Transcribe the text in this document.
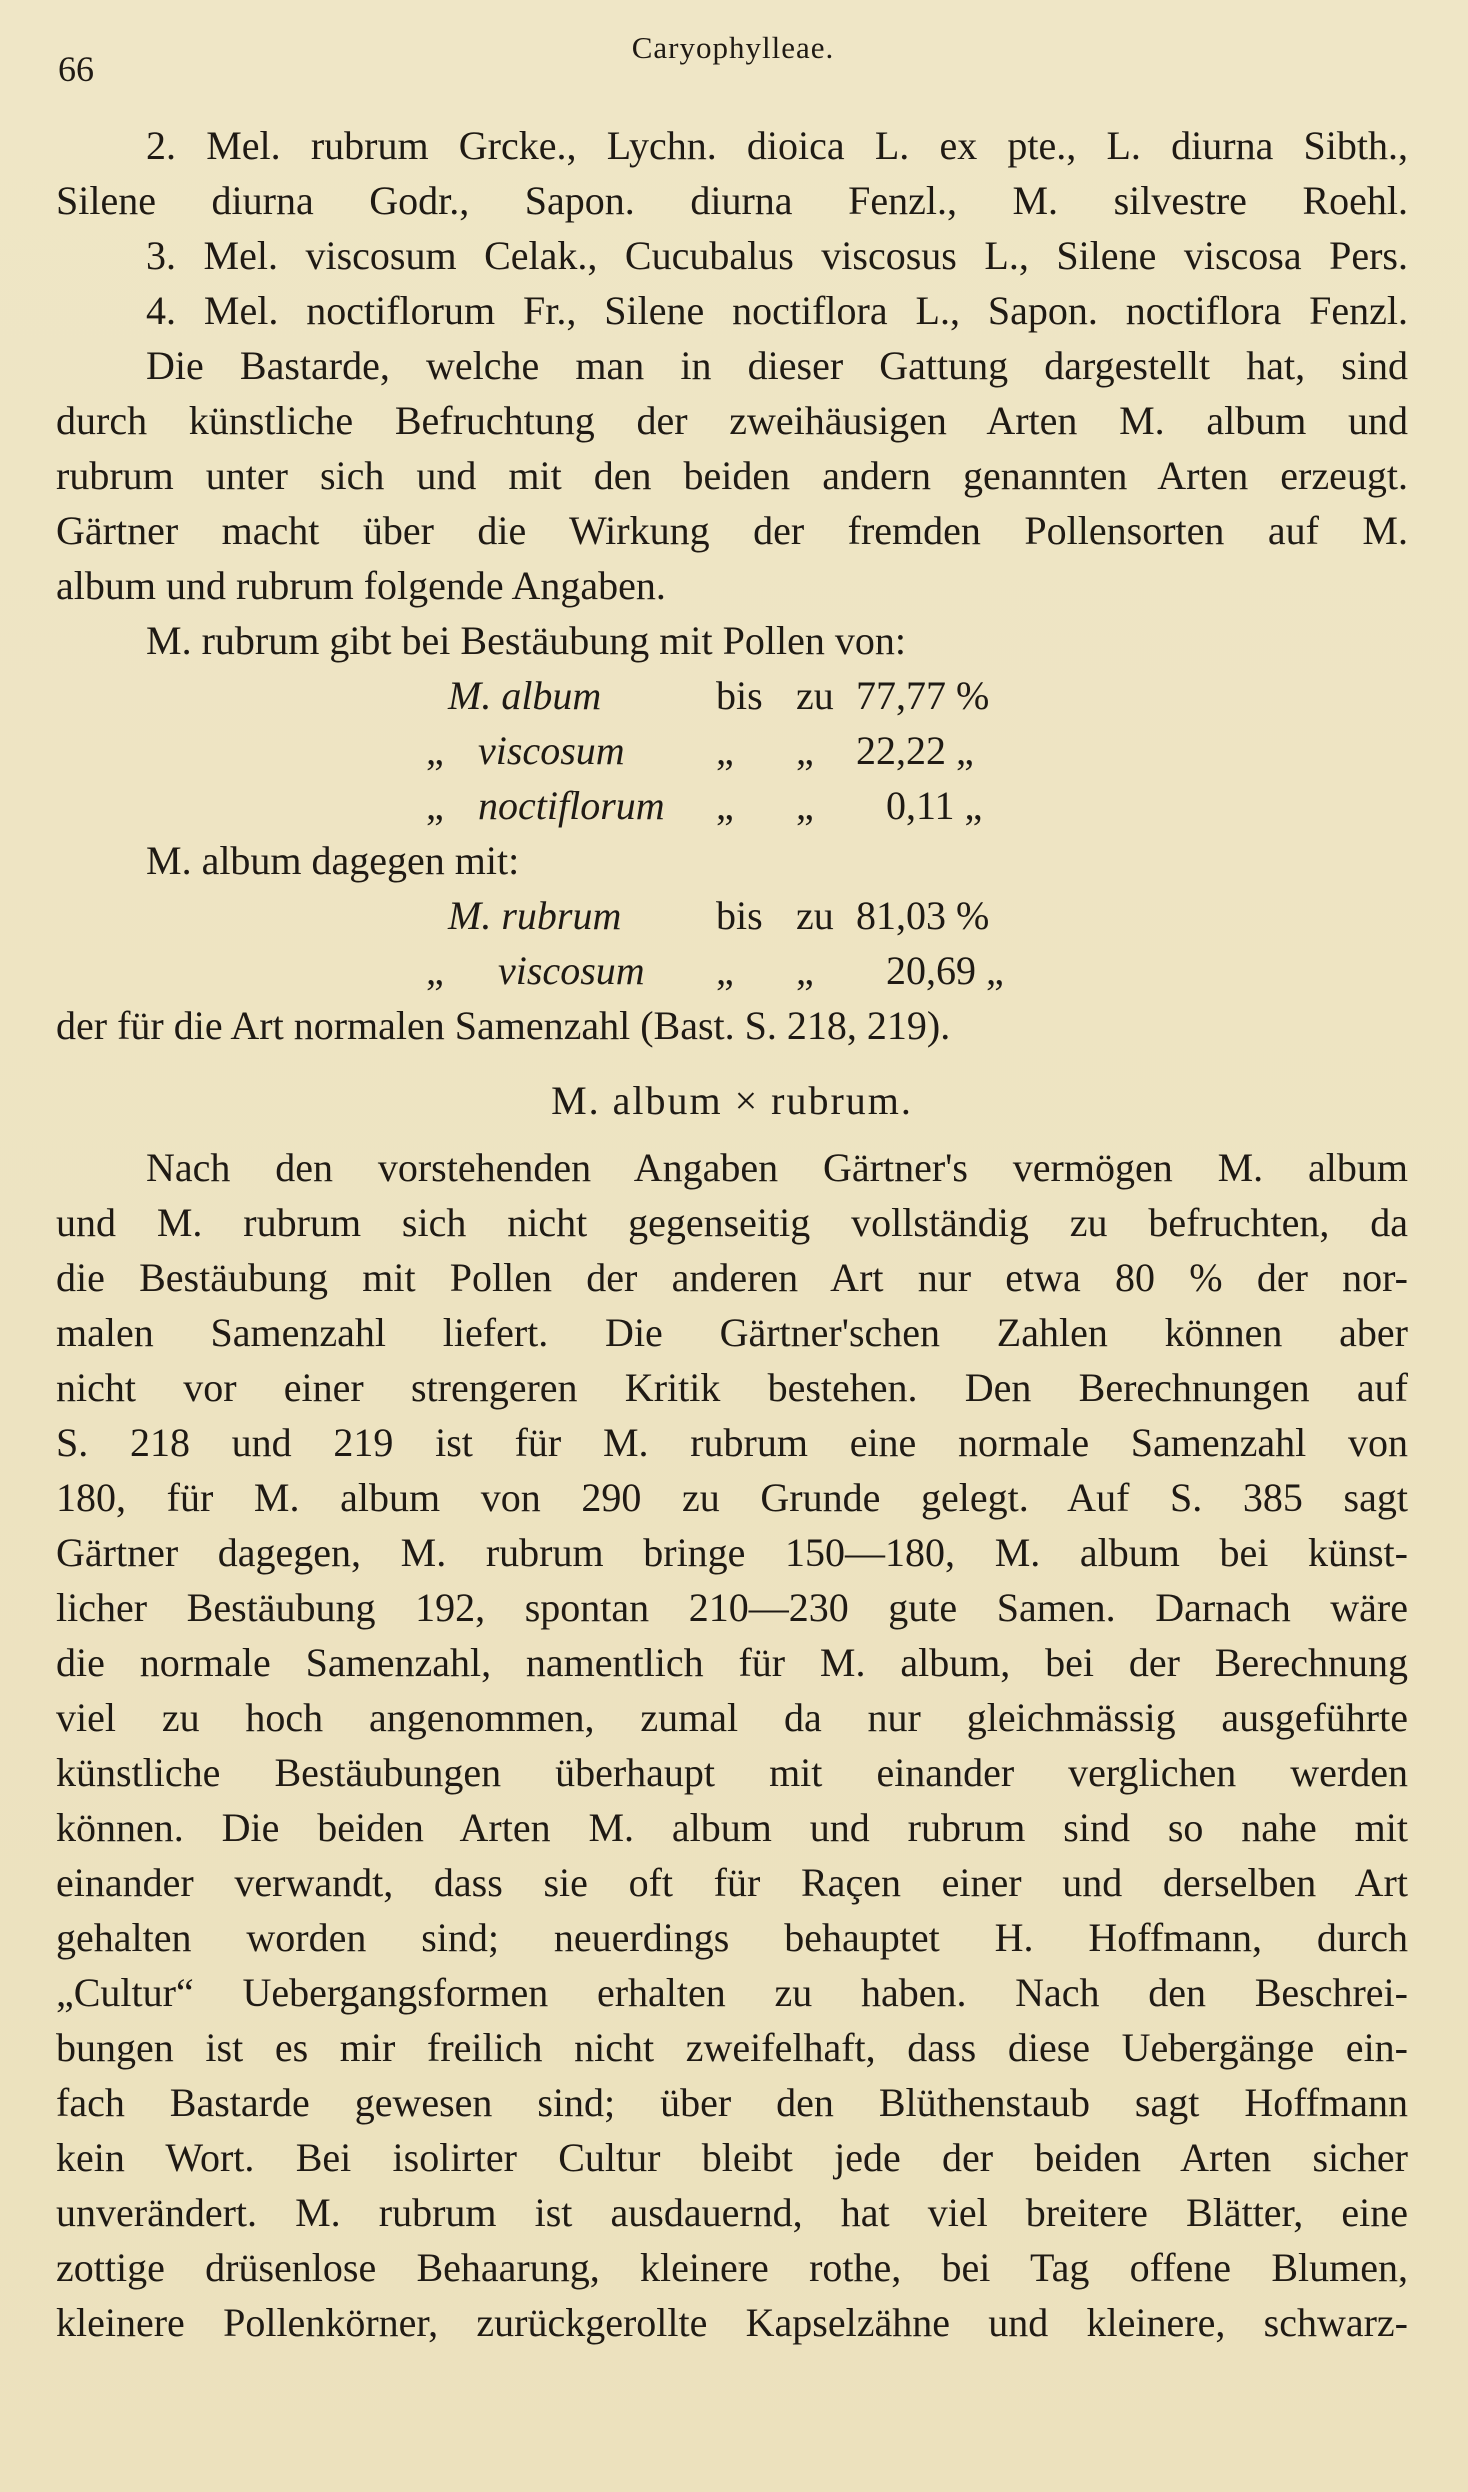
66
Caryophylleae.
2. Mel. rubrum Grcke., Lychn. dioica L. ex pte., L. diurna Sibth.,
Silene diurna Godr., Sapon. diurna Fenzl., M. silvestre Roehl.
3. Mel. viscosum Celak., Cucubalus viscosus L., Silene viscosa Pers.
4. Mel. noctiflorum Fr., Silene noctiflora L., Sapon. noctiflora Fenzl.
Die Bastarde, welche man in dieser Gattung dargestellt hat, sind
durch künstliche Befruchtung der zweihäusigen Arten M. album und
rubrum unter sich und mit den beiden andern genannten Arten erzeugt.
Gärtner macht über die Wirkung der fremden Pollensorten auf M.
album und rubrum folgende Angaben.
M. rubrum gibt bei Bestäubung mit Pollen von:
M. album	bis zu 77,77 %
„ viscosum „ „ 22,22 „
„ noctiflorum „ „ 0,11 „
M. album dagegen mit:
M. rubrum bis zu 81,03 %
„ viscosum „ „ 20,69 „
der für die Art normalen Samenzahl (Bast. S. 218, 219).
M. album × rubrum.
Nach den vorstehenden Angaben Gärtner's vermögen M. album
und M. rubrum sich nicht gegenseitig vollständig zu befruchten, da
die Bestäubung mit Pollen der anderen Art nur etwa 80 % der nor-
malen Samenzahl liefert. Die Gärtner'schen Zahlen können aber
nicht vor einer strengeren Kritik bestehen. Den Berechnungen auf
S. 218 und 219 ist für M. rubrum eine normale Samenzahl von
180, für M. album von 290 zu Grunde gelegt. Auf S. 385 sagt
Gärtner dagegen, M. rubrum bringe 150—180, M. album bei künst-
licher Bestäubung 192, spontan 210—230 gute Samen. Darnach wäre
die normale Samenzahl, namentlich für M. album, bei der Berechnung
viel zu hoch angenommen, zumal da nur gleichmässig ausgeführte
künstliche Bestäubungen überhaupt mit einander verglichen werden
können. Die beiden Arten M. album und rubrum sind so nahe mit
einander verwandt, dass sie oft für Raçen einer und derselben Art
gehalten worden sind; neuerdings behauptet H. Hoffmann, durch
„Cultur“ Uebergangsformen erhalten zu haben. Nach den Beschrei-
bungen ist es mir freilich nicht zweifelhaft, dass diese Uebergänge ein-
fach Bastarde gewesen sind; über den Blüthenstaub sagt Hoffmann
kein Wort. Bei isolirter Cultur bleibt jede der beiden Arten sicher
unverändert. M. rubrum ist ausdauernd, hat viel breitere Blätter, eine
zottige drüsenlose Behaarung, kleinere rothe, bei Tag offene Blumen,
kleinere Pollenkörner, zurückgerollte Kapselzähne und kleinere, schwarz-
